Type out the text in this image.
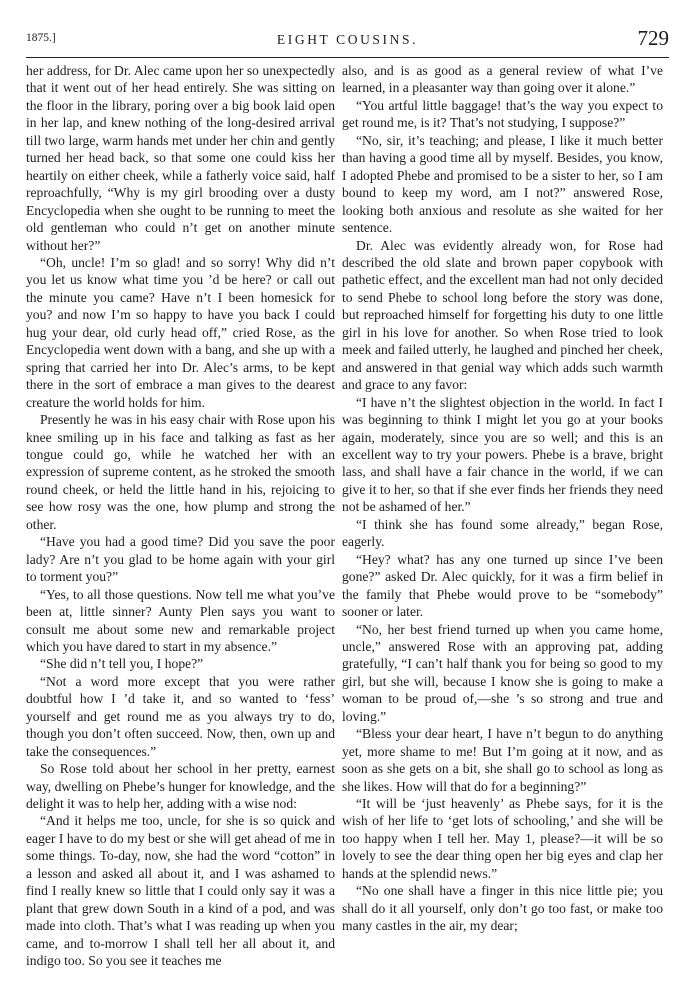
1875.]	EIGHT COUSINS.	729

her address, for Dr. Alec came upon her so unexpectedly that it went out of her head entirely. She was sitting on the floor in the library, poring over a big book laid open in her lap, and knew nothing of the long-desired arrival till two large, warm hands met under her chin and gently turned her head back, so that some one could kiss her heartily on either cheek, while a fatherly voice said, half reproachfully, “Why is my girl brooding over a dusty Encyclopedia when she ought to be running to meet the old gentleman who could n’t get on another minute without her?”

“Oh, uncle! I’m so glad! and so sorry! Why did n’t you let us know what time you ’d be here? or call out the minute you came? Have n’t I been homesick for you? and now I’m so happy to have you back I could hug your dear, old curly head off,” cried Rose, as the Encyclopedia went down with a bang, and she up with a spring that carried her into Dr. Alec’s arms, to be kept there in the sort of embrace a man gives to the dearest creature the world holds for him.

Presently he was in his easy chair with Rose upon his knee smiling up in his face and talking as fast as her tongue could go, while he watched her with an expression of supreme content, as he stroked the smooth round cheek, or held the little hand in his, rejoicing to see how rosy was the one, how plump and strong the other.

“Have you had a good time? Did you save the poor lady? Are n’t you glad to be home again with your girl to torment you?”

“Yes, to all those questions. Now tell me what you’ve been at, little sinner? Aunty Plen says you want to consult me about some new and remarkable project which you have dared to start in my absence.”

“She did n’t tell you, I hope?”

“Not a word more except that you were rather doubtful how I ’d take it, and so wanted to ‘fess’ yourself and get round me as you always try to do, though you don’t often succeed. Now, then, own up and take the consequences.”

So Rose told about her school in her pretty, earnest way, dwelling on Phebe’s hunger for knowledge, and the delight it was to help her, adding with a wise nod:

“And it helps me too, uncle, for she is so quick and eager I have to do my best or she will get ahead of me in some things. To-day, now, she had the word “cotton” in a lesson and asked all about it, and I was ashamed to find I really knew so little that I could only say it was a plant that grew down South in a kind of a pod, and was made into cloth. That’s what I was reading up when you came, and to-morrow I shall tell her all about it, and indigo too. So you see it teaches me

also, and is as good as a general review of what I’ve learned, in a pleasanter way than going over it alone.”

“You artful little baggage! that’s the way you expect to get round me, is it? That’s not studying, I suppose?”

“No, sir, it’s teaching; and please, I like it much better than having a good time all by myself. Besides, you know, I adopted Phebe and promised to be a sister to her, so I am bound to keep my word, am I not?” answered Rose, looking both anxious and resolute as she waited for her sentence.

Dr. Alec was evidently already won, for Rose had described the old slate and brown paper copybook with pathetic effect, and the excellent man had not only decided to send Phebe to school long before the story was done, but reproached himself for forgetting his duty to one little girl in his love for another. So when Rose tried to look meek and failed utterly, he laughed and pinched her cheek, and answered in that genial way which adds such warmth and grace to any favor:

“I have n’t the slightest objection in the world. In fact I was beginning to think I might let you go at your books again, moderately, since you are so well; and this is an excellent way to try your powers. Phebe is a brave, bright lass, and shall have a fair chance in the world, if we can give it to her, so that if she ever finds her friends they need not be ashamed of her.”

“I think she has found some already,” began Rose, eagerly.

“Hey? what? has any one turned up since I’ve been gone?” asked Dr. Alec quickly, for it was a firm belief in the family that Phebe would prove to be “somebody” sooner or later.

“No, her best friend turned up when you came home, uncle,” answered Rose with an approving pat, adding gratefully, “I can’t half thank you for being so good to my girl, but she will, because I know she is going to make a woman to be proud of,—she ’s so strong and true and loving.”

“Bless your dear heart, I have n’t begun to do anything yet, more shame to me! But I’m going at it now, and as soon as she gets on a bit, she shall go to school as long as she likes. How will that do for a beginning?”

“It will be ‘just heavenly’ as Phebe says, for it is the wish of her life to ‘get lots of schooling,’ and she will be too happy when I tell her. May 1, please?—it will be so lovely to see the dear thing open her big eyes and clap her hands at the splendid news.”

“No one shall have a finger in this nice little pie; you shall do it all yourself, only don’t go too fast, or make too many castles in the air, my dear;
